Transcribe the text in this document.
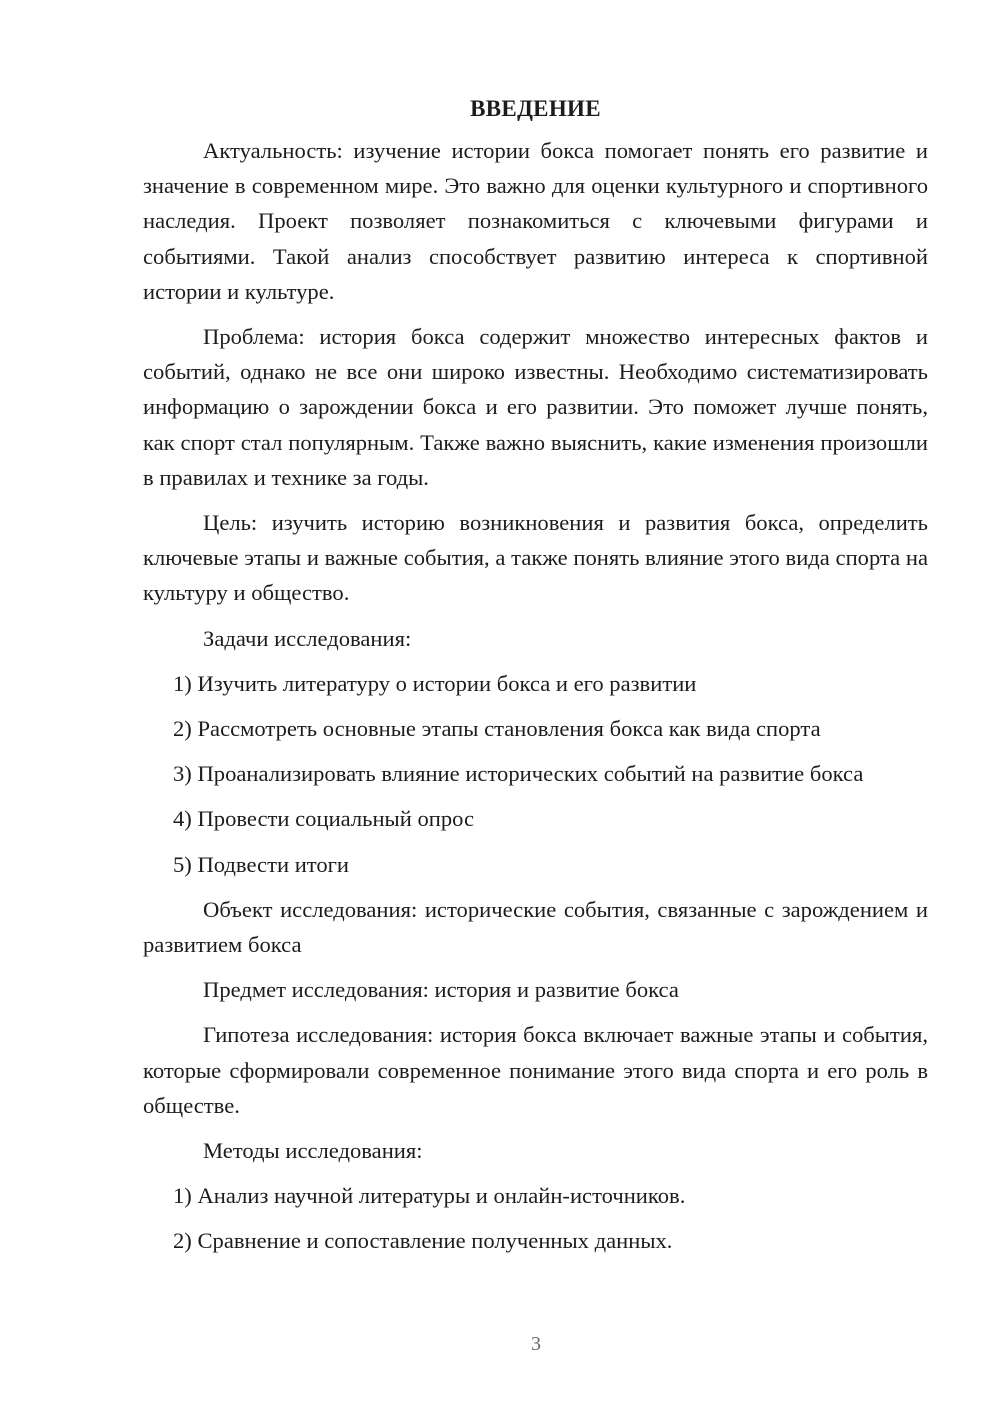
ВВЕДЕНИЕ

Актуальность: изучение истории бокса помогает понять его развитие и значение в современном мире. Это важно для оценки культурного и спортивного наследия. Проект позволяет познакомиться с ключевыми фигурами и событиями. Такой анализ способствует развитию интереса к спортивной истории и культуре.

Проблема: история бокса содержит множество интересных фактов и событий, однако не все они широко известны. Необходимо систематизировать информацию о зарождении бокса и его развитии. Это поможет лучше понять, как спорт стал популярным. Также важно выяснить, какие изменения произошли в правилах и технике за годы.

Цель: изучить историю возникновения и развития бокса, определить ключевые этапы и важные события, а также понять влияние этого вида спорта на культуру и общество.

Задачи исследования:

1) Изучить литературу о истории бокса и его развитии

2) Рассмотреть основные этапы становления бокса как вида спорта

3) Проанализировать влияние исторических событий на развитие бокса

4) Провести социальный опрос

5) Подвести итоги

Объект исследования: исторические события, связанные с зарождением и развитием бокса

Предмет исследования: история и развитие бокса

Гипотеза исследования: история бокса включает важные этапы и события, которые сформировали современное понимание этого вида спорта и его роль в обществе.

Методы исследования:

1) Анализ научной литературы и онлайн-источников.

2) Сравнение и сопоставление полученных данных.

3
